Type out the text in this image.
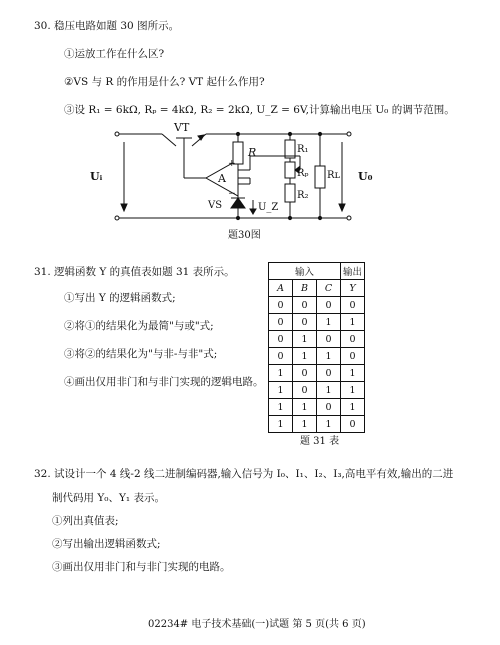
30. 稳压电路如题 30 图所示。
①运放工作在什么区?
②VS 与 R 的作用是什么? VT 起什么作用?
③设 R₁ = 6kΩ, Rₚ = 4kΩ, R₂ = 2kΩ, U_Z = 6V,计算输出电压 U₀ 的调节范围。
VT
R	R₁
Rₚ
R₂
Rʟ
Uᵢ	U₀
A
+
−
VS	U_Z
题30图
31. 逻辑函数 Y 的真值表如题 31 表所示。
①写出 Y 的逻辑函数式;
②将①的结果化为最简"与或"式;
③将②的结果化为"与非-与非"式;
④画出仅用非门和与非门实现的逻辑电路。
输入			输出
A	B	C	Y
0	0	0	0
0	0	1	1
0	1	0	0
0	1	1	0
1	0	0	1
1	0	1	1
1	1	0	1
1	1	1	0
题 31 表
32. 试设计一个 4 线-2 线二进制编码器,输入信号为 I₀、I₁、I₂、I₃,高电平有效,输出的二进
制代码用 Y₀、Y₁ 表示。
①列出真值表;
②写出输出逻辑函数式;
③画出仅用非门和与非门实现的电路。
02234# 电子技术基础(一)试题 第 5 页(共 6 页)
